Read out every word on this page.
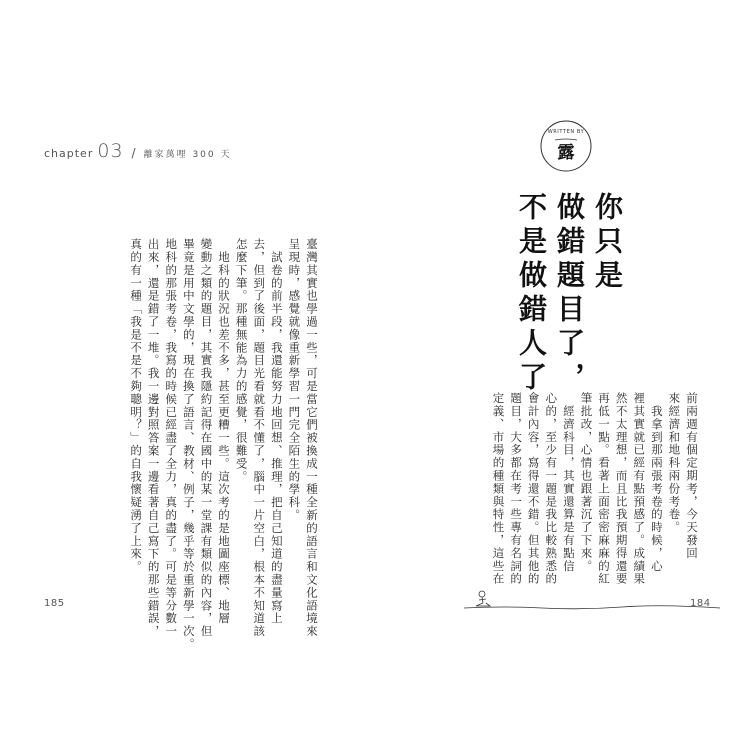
chapter 03 / 離家萬哩 300 天
臺灣其實也學過一些，可是當它們被換成一種全新的語言和文化語境來
呈現時，感覺就像重新學習一門完全陌生的學科。
　試卷的前半段，我還能努力地回想、推理，把自己知道的盡量寫上
去，但到了後面，題目光看就看不懂了，腦中一片空白，根本不知道該
怎麼下筆。那種無能為力的感覺，很難受。
　地科的狀況也差不多，甚至更糟一些。這次考的是地圖座標、地層
變動之類的題目，其實我隱約記得在國中的某一堂課有類似的內容，但
畢竟是用中文學的，現在換了語言、教材、例子，幾乎等於重新學一次。
地科的那張考卷，我寫的時候已經盡了全力，真的盡了。可是等分數一
出來，還是錯了一堆。我一邊對照答案一邊看著自己寫下的那些錯誤，
真的有一種「我是不是不夠聰明？」的自我懷疑湧了上來。
185
WRITTEN BY
露
你只是
做錯題目了，
不是做錯人了
前兩週有個定期考，今天發回
來經濟和地科兩份考卷。
　我拿到那兩張考卷的時候，心
裡其實就已經有點預感了。成績果
然不太理想，而且比我預期得還要
再低一點。看著上面密密麻麻的紅
筆批改，心情也跟著沉了下來。
　經濟科目，其實還算是有點信
心的，至少有一題是我比較熟悉的
會計內容，寫得還不錯。但其他的
題目，大多都在考一些專有名詞的
定義、市場的種類與特性，這些在
184
